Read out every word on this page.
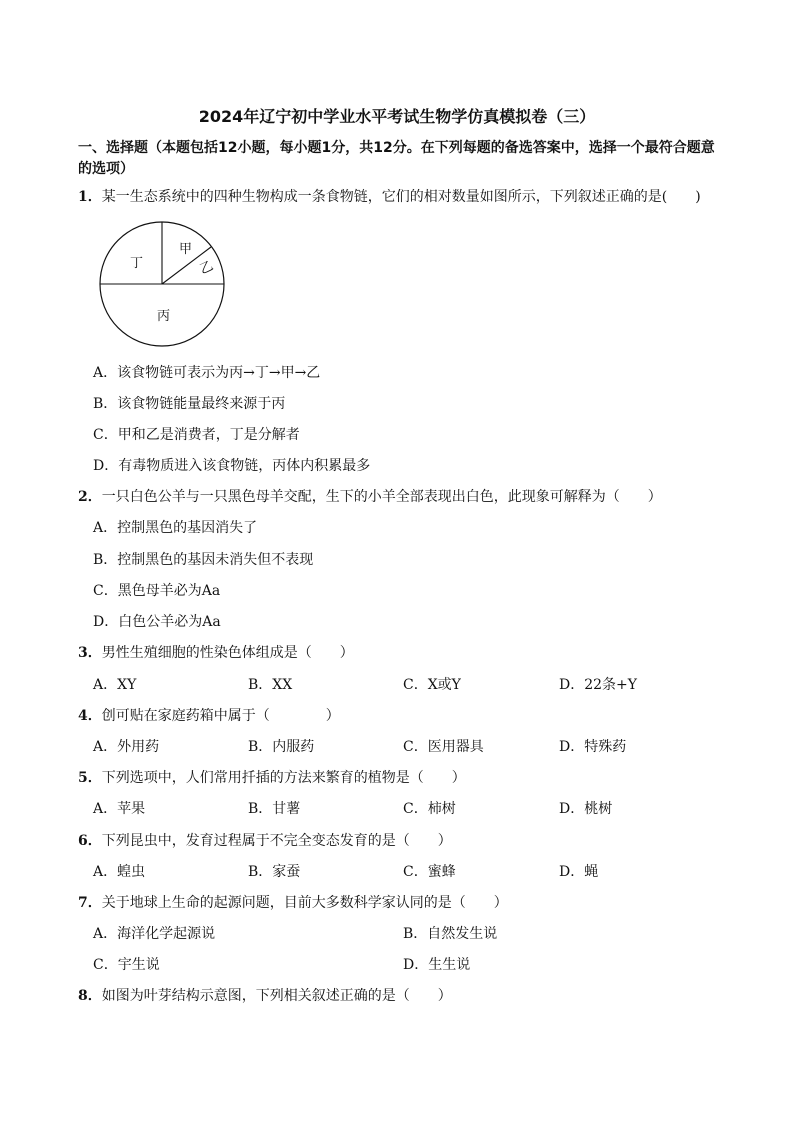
2024年辽宁初中学业水平考试生物学仿真模拟卷（三）
一、选择题（本题包括12小题，每小题1分，共12分。在下列每题的备选答案中，选择一个最符合题意的选项）
1．某一生态系统中的四种生物构成一条食物链，它们的相对数量如图所示，下列叙述正确的是(　　)
甲
乙
丙
丁
A．该食物链可表示为丙→丁→甲→乙
B．该食物链能量最终来源于丙
C．甲和乙是消费者，丁是分解者
D．有毒物质进入该食物链，丙体内积累最多
2．一只白色公羊与一只黑色母羊交配，生下的小羊全部表现出白色，此现象可解释为（　　）
A．控制黑色的基因消失了
B．控制黑色的基因未消失但不表现
C．黑色母羊必为Aa
D．白色公羊必为Aa
3．男性生殖细胞的性染色体组成是（　　）
A．XY	B．XX	C．X或Y	D．22条+Y
4．创可贴在家庭药箱中属于（　　　　）
A．外用药	B．内服药	C．医用器具	D．特殊药
5．下列选项中，人们常用扦插的方法来繁育的植物是（　　）
A．苹果	B．甘薯	C．柿树	D．桃树
6．下列昆虫中，发育过程属于不完全变态发育的是（　　）
A．蝗虫	B．家蚕	C．蜜蜂	D．蝇
7．关于地球上生命的起源问题，目前大多数科学家认同的是（　　）
A．海洋化学起源说	B．自然发生说
C．宇生说	D．生生说
8．如图为叶芽结构示意图，下列相关叙述正确的是（　　）
